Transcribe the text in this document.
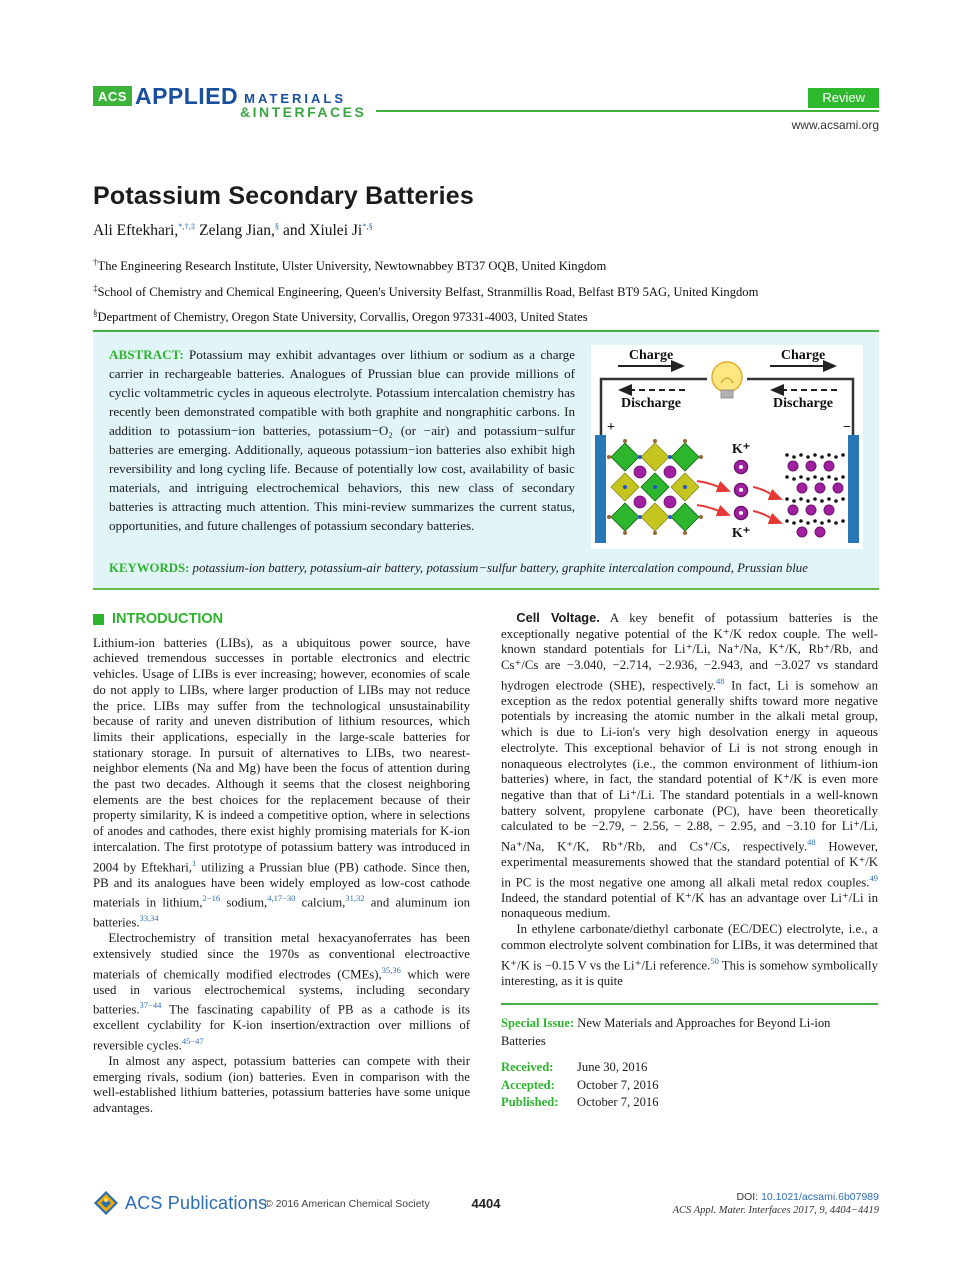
ACS APPLIED MATERIALS
&INTERFACES
Review
www.acsami.org
Potassium Secondary Batteries
Ali Eftekhari,*,†,‡ Zelang Jian,§ and Xiulei Ji*,§
†The Engineering Research Institute, Ulster University, Newtownabbey BT37 OQB, United Kingdom
‡School of Chemistry and Chemical Engineering, Queen's University Belfast, Stranmillis Road, Belfast BT9 5AG, United Kingdom
§Department of Chemistry, Oregon State University, Corvallis, Oregon 97331-4003, United States
ABSTRACT: Potassium may exhibit advantages over lithium or sodium as a charge carrier in rechargeable batteries. Analogues of Prussian blue can provide millions of cyclic voltammetric cycles in aqueous electrolyte. Potassium intercalation chemistry has recently been demonstrated compatible with both graphite and nongraphitic carbons. In addition to potassium−ion batteries, potassium−O₂ (or −air) and potassium−sulfur batteries are emerging. Additionally, aqueous potassium−ion batteries also exhibit high reversibility and long cycling life. Because of potentially low cost, availability of basic materials, and intriguing electrochemical behaviors, this new class of secondary batteries is attracting much attention. This mini-review summarizes the current status, opportunities, and future challenges of potassium secondary batteries.
Charge
Discharge
Charge
Discharge
+	−
K⁺
K⁺
KEYWORDS: potassium-ion battery, potassium-air battery, potassium−sulfur battery, graphite intercalation compound, Prussian blue
INTRODUCTION

Lithium-ion batteries (LIBs), as a ubiquitous power source, have achieved tremendous successes in portable electronics and electric vehicles. Usage of LIBs is ever increasing; however, economies of scale do not apply to LIBs, where larger production of LIBs may not reduce the price. LIBs may suffer from the technological unsustainability because of rarity and uneven distribution of lithium resources, which limits their applications, especially in the large-scale batteries for stationary storage. In pursuit of alternatives to LIBs, two nearest-neighbor elements (Na and Mg) have been the focus of attention during the past two decades. Although it seems that the closest neighboring elements are the best choices for the replacement because of their property similarity, K is indeed a competitive option, where in selections of anodes and cathodes, there exist highly promising materials for K-ion intercalation. The first prototype of potassium battery was introduced in 2004 by Eftekhari,$^1$ utilizing a Prussian blue (PB) cathode. Since then, PB and its analogues have been widely employed as low-cost cathode materials in lithium,$^{2-16}$ sodium,$^{4,17-30}$ calcium,$^{31,32}$ and aluminum ion batteries.$^{33,34}$

Electrochemistry of transition metal hexacyanoferrates has been extensively studied since the 1970s as conventional electroactive materials of chemically modified electrodes (CMEs),$^{35,36}$ which were used in various electrochemical systems, including secondary batteries.$^{37-44}$ The fascinating capability of PB as a cathode is its excellent cyclability for K-ion insertion/extraction over millions of reversible cycles.$^{45-47}$

In almost any aspect, potassium batteries can compete with their emerging rivals, sodium (ion) batteries. Even in comparison with the well-established lithium batteries, potassium batteries have some unique advantages.

Cell Voltage. A key benefit of potassium batteries is the exceptionally negative potential of the K⁺/K redox couple. The well-known standard potentials for Li⁺/Li, Na⁺/Na, K⁺/K, Rb⁺/Rb, and Cs⁺/Cs are −3.040, −2.714, −2.936, −2.943, and −3.027 vs standard hydrogen electrode (SHE), respectively.$^{48}$ In fact, Li is somehow an exception as the redox potential generally shifts toward more negative potentials by increasing the atomic number in the alkali metal group, which is due to Li-ion's very high desolvation energy in aqueous electrolyte. This exceptional behavior of Li is not strong enough in nonaqueous electrolytes (i.e., the common environment of lithium-ion batteries) where, in fact, the standard potential of K⁺/K is even more negative than that of Li⁺/Li. The standard potentials in a well-known battery solvent, propylene carbonate (PC), have been theoretically calculated to be −2.79, − 2.56, − 2.88, − 2.95, and −3.10 for Li⁺/Li, Na⁺/Na, K⁺/K, Rb⁺/Rb, and Cs⁺/Cs, respectively.$^{48}$ However, experimental measurements showed that the standard potential of K⁺/K in PC is the most negative one among all alkali metal redox couples.$^{49}$ Indeed, the standard potential of K⁺/K has an advantage over Li⁺/Li in nonaqueous medium.

In ethylene carbonate/diethyl carbonate (EC/DEC) electrolyte, i.e., a common electrolyte solvent combination for LIBs, it was determined that K⁺/K is −0.15 V vs the Li⁺/Li reference.$^{50}$ This is somehow symbolically interesting, as it is quite

Special Issue: New Materials and Approaches for Beyond Li-ion Batteries
Received:	June 30, 2016
Accepted:	October 7, 2016
Published:	October 7, 2016
ACS Publications
© 2016 American Chemical Society	4404	DOI: 10.1021/acsami.6b07989
ACS Appl. Mater. Interfaces 2017, 9, 4404−4419
